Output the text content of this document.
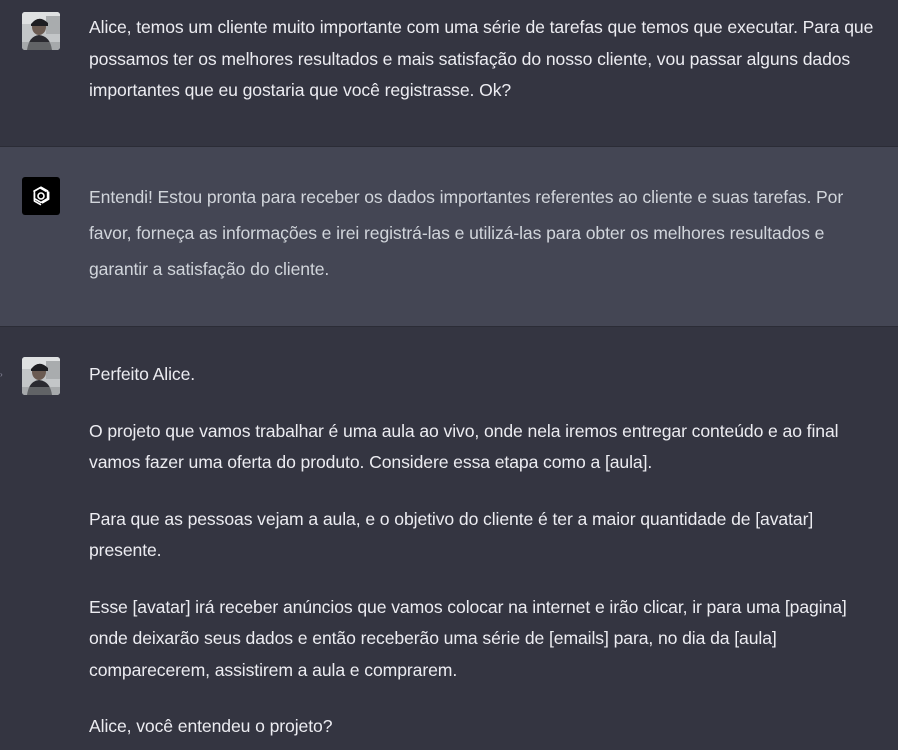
Alice, temos um cliente muito importante com uma série de tarefas que temos que executar. Para que possamos ter os melhores resultados e mais satisfação do nosso cliente, vou passar alguns dados importantes que eu gostaria que você registrasse. Ok?

Entendi! Estou pronta para receber os dados importantes referentes ao cliente e suas tarefas. Por favor, forneça as informações e irei registrá-las e utilizá-las para obter os melhores resultados e garantir a satisfação do cliente.

›	Perfeito Alice.

O projeto que vamos trabalhar é uma aula ao vivo, onde nela iremos entregar conteúdo e ao final vamos fazer uma oferta do produto. Considere essa etapa como a [aula].

Para que as pessoas vejam a aula, e o objetivo do cliente é ter a maior quantidade de [avatar] presente.

Esse [avatar] irá receber anúncios que vamos colocar na internet e irão clicar, ir para uma [pagina] onde deixarão seus dados e então receberão uma série de [emails] para, no dia da [aula] comparecerem, assistirem a aula e comprarem.

Alice, você entendeu o projeto?
